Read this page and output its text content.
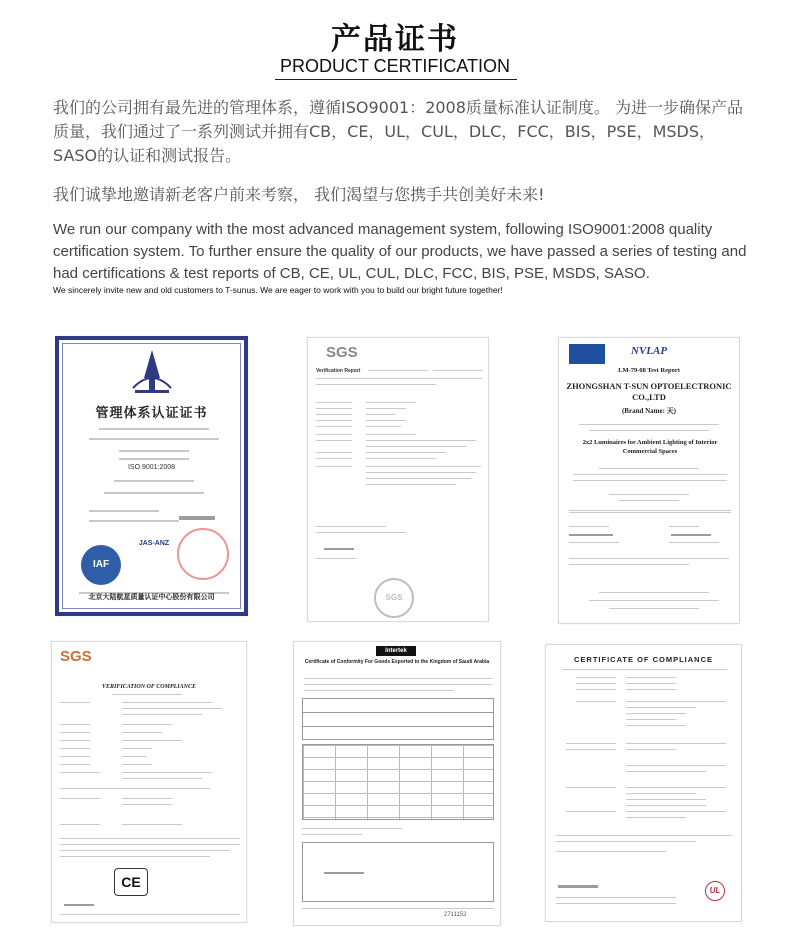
产品证书
PRODUCT CERTIFICATION
我们的公司拥有最先进的管理体系，遵循ISO9001：2008质量标准认证制度。 为进一步确保产品质量，我们通过了一系列测试并拥有CB，CE，UL，CUL，DLC，FCC，BIS，PSE，MSDS，SASO的认证和测试报告。
我们诚挚地邀请新老客户前来考察， 我们渴望与您携手共创美好未来!
We run our company with the most advanced management system, following ISO9001:2008 quality certification system. To further ensure the quality of our products, we have passed a series of testing and had certifications & test reports of CB, CE, UL, CUL, DLC, FCC, BIS, PSE, MSDS, SASO.
We sincerely invite new and old customers to T-sunus. We are eager to work with you to build our bright future together!
管理体系认证证书
ISO 9001:2008
IAF
JAS-ANZ
北京大陆航星质量认证中心股份有限公司
SGS
Verification Report
SGS
NVLAP
LM-79-08 Test Report
ZHONGSHAN T-SUN OPTOELECTRONIC CO.,LTD
(Brand Name: 天)
2x2 Luminaires for Ambient Lighting of Interior Commercial Spaces
SGS
VERIFICATION OF COMPLIANCE
CE
Intertek
Certificate of Conformity For Goods Exported to the Kingdom of Saudi Arabia
2711152
CERTIFICATE OF COMPLIANCE
UL
